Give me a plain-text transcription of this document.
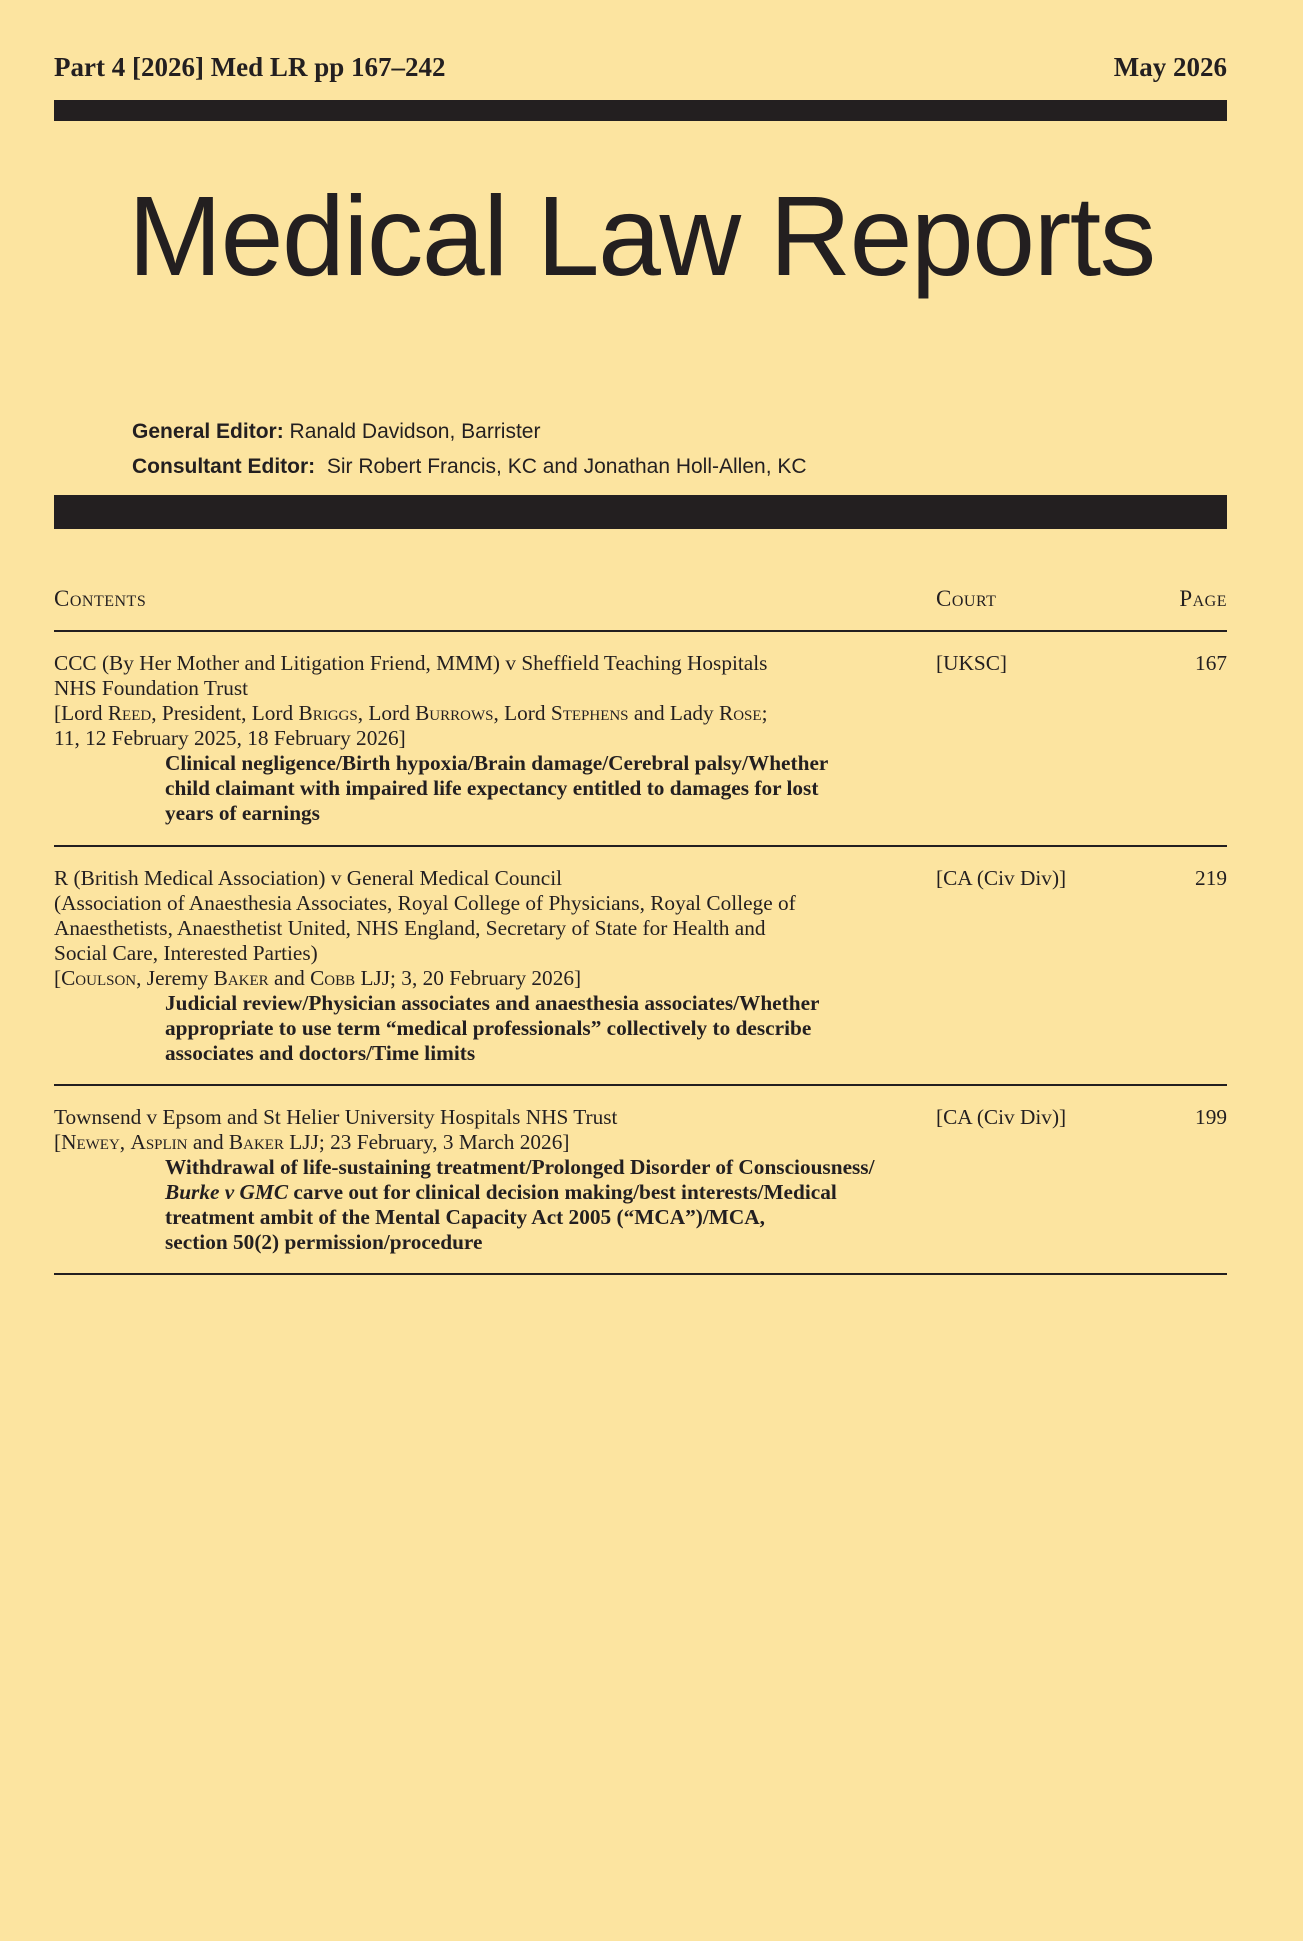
Part 4 [2026] Med LR pp 167–242	May 2026
Medical Law Reports
General Editor: Ranald Davidson, Barrister
Consultant Editor:  Sir Robert Francis, KC and Jonathan Holl-Allen, KC
Contents	Court	Page
CCC (By Her Mother and Litigation Friend, MMM) v Sheffield Teaching Hospitals
NHS Foundation Trust
[Lord Reed, President, Lord Briggs, Lord Burrows, Lord Stephens and Lady Rose;
11, 12 February 2025, 18 February 2026]
Clinical negligence/Birth hypoxia/Brain damage/Cerebral palsy/Whether
child claimant with impaired life expectancy entitled to damages for lost
years of earnings
[UKSC]	167
R (British Medical Association) v General Medical Council
(Association of Anaesthesia Associates, Royal College of Physicians, Royal College of
Anaesthetists, Anaesthetist United, NHS England, Secretary of State for Health and
Social Care, Interested Parties)
[Coulson, Jeremy Baker and Cobb LJJ; 3, 20 February 2026]
Judicial review/Physician associates and anaesthesia associates/Whether
appropriate to use term “medical professionals” collectively to describe
associates and doctors/Time limits
[CA (Civ Div)]	219
Townsend v Epsom and St Helier University Hospitals NHS Trust
[Newey, Asplin and Baker LJJ; 23 February, 3 March 2026]
Withdrawal of life-sustaining treatment/Prolonged Disorder of Consciousness/
Burke v GMC carve out for clinical decision making/best interests/Medical
treatment ambit of the Mental Capacity Act 2005 (“MCA”)/MCA,
section 50(2) permission/procedure
[CA (Civ Div)]	199
